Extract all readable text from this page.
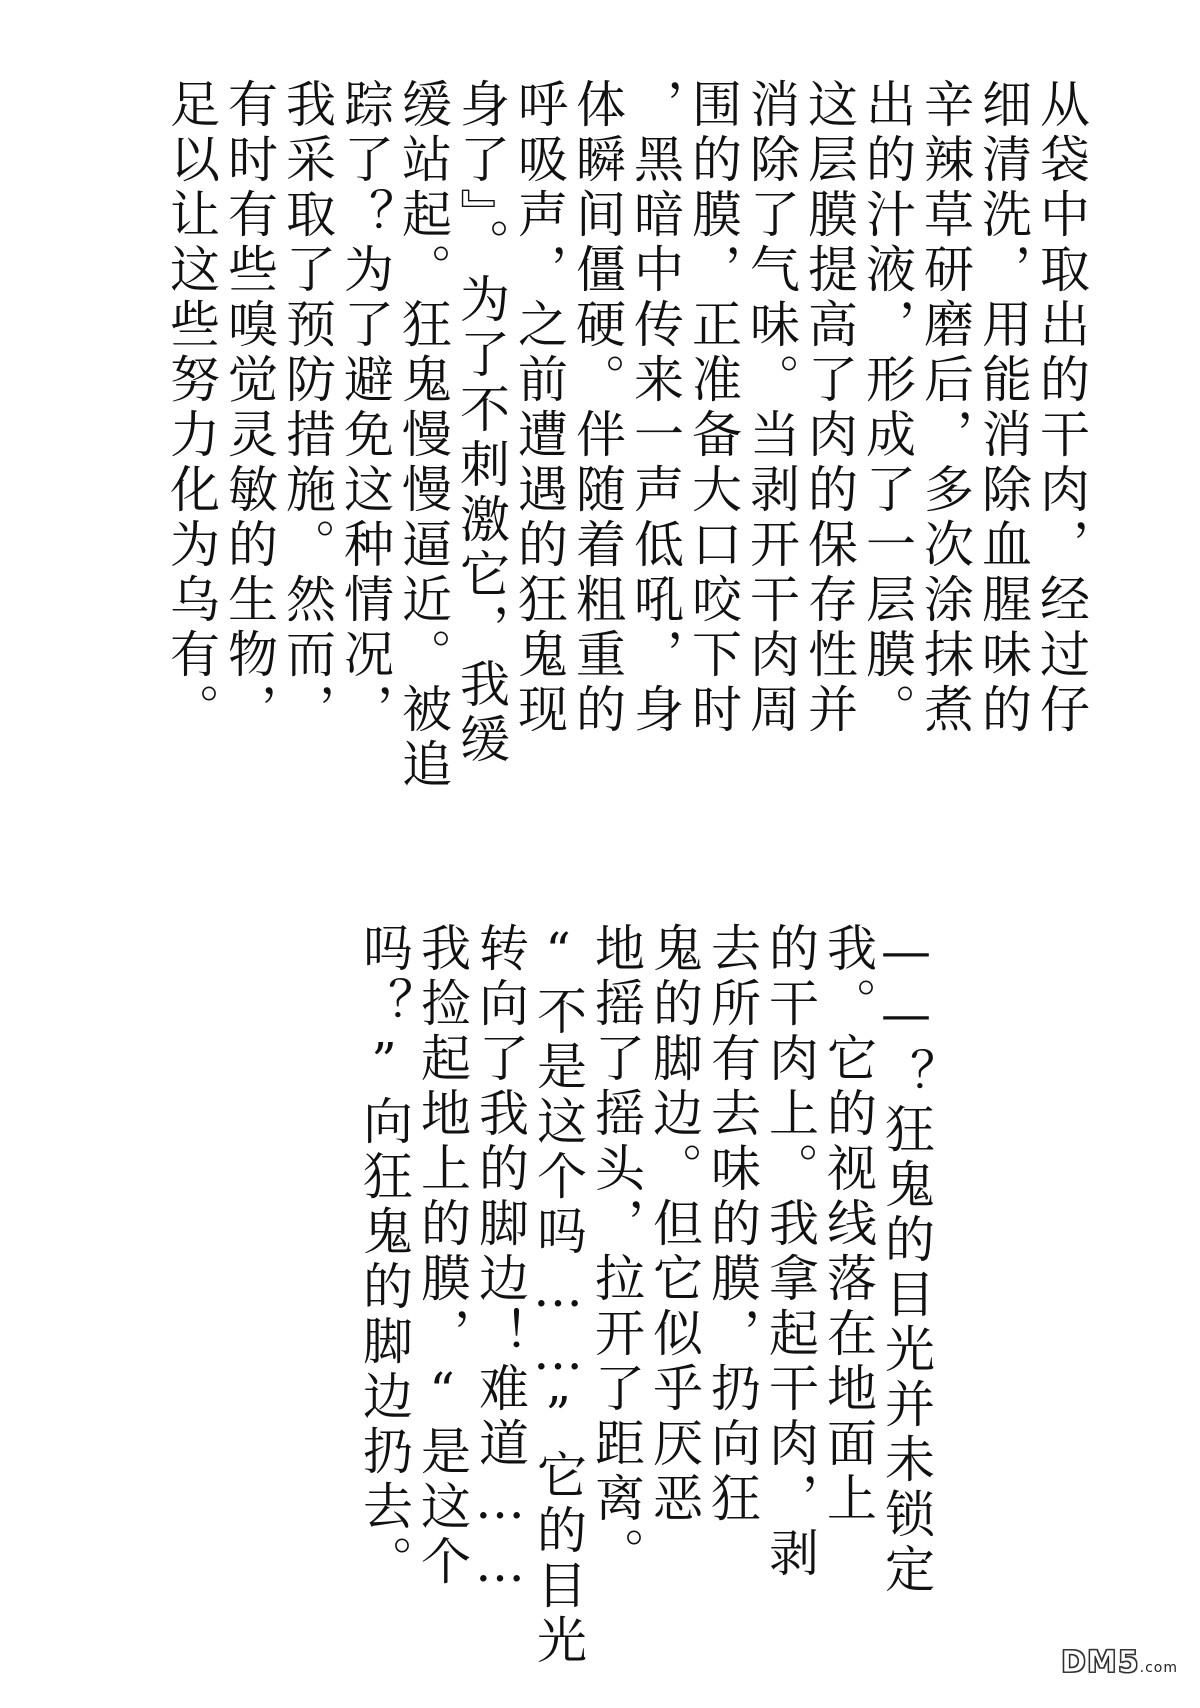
从袋中取出的干肉，经过仔
细清洗，用能消除血腥味的
辛辣草研磨后，多次涂抹煮
出的汁液，形成了一层膜。
这层膜提高了肉的保存性并
消除了气味。当剥开干肉周
围的膜，正准备大口咬下时
，黑暗中传来一声低吼，身
体瞬间僵硬。伴随着粗重的
呼吸声，之前遭遇的狂鬼现
身了』。为了不刺激它，我缓
缓站起。狂鬼慢慢逼近。被追
踪了？为了避免这种情况，
我采取了预防措施。然而，
有时有些嗅觉灵敏的生物，
足以让这些努力化为乌有。
——？狂鬼的目光并未锁定
我。它的视线落在地面上
的干肉上。我拿起干肉，剥
去所有去味的膜，扔向狂
鬼的脚边。但它似乎厌恶
地摇了摇头，拉开了距离。
“不是这个吗……”它的目光
转向了我的脚边！难道……
我捡起地上的膜，“是这个
吗？”向狂鬼的脚边扔去。
DM5.com
